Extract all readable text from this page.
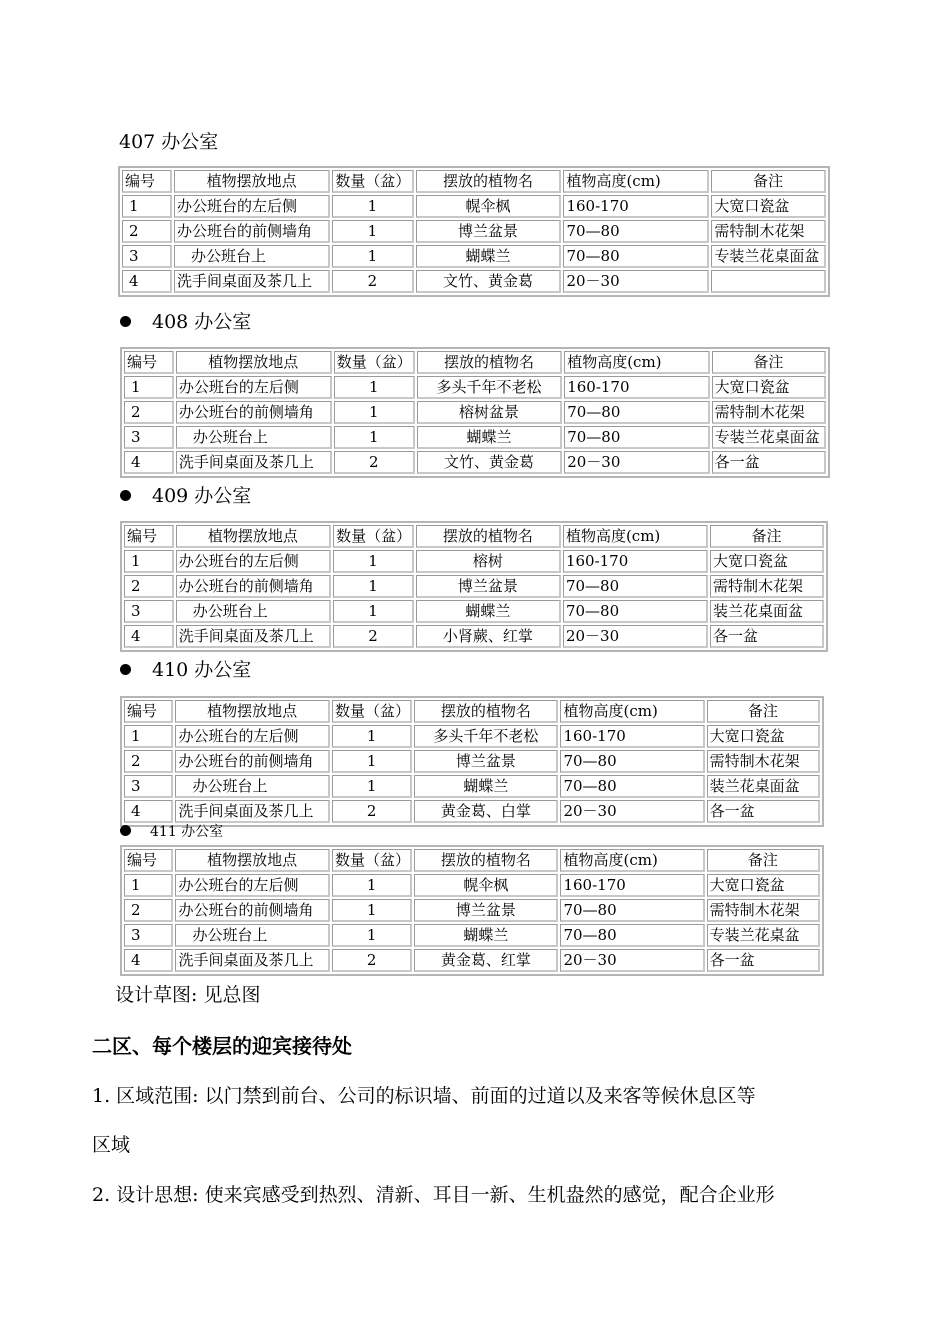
407 办公室
编号	植物摆放地点	数量（盆）	摆放的植物名	植物高度(cm)	备注
1	办公班台的左后侧	1	幌伞枫	160-170	大宽口瓷盆
2	办公班台的前侧墙角	1	博兰盆景	70—80	需特制木花架
3	办公班台上	1	蝴蝶兰	70—80	专装兰花桌面盆
4	洗手间桌面及茶几上	2	文竹、黄金葛	20－30	
408 办公室
编号	植物摆放地点	数量（盆）	摆放的植物名	植物高度(cm)	备注
1	办公班台的左后侧	1	多头千年不老松	160-170	大宽口瓷盆
2	办公班台的前侧墙角	1	榕树盆景	70—80	需特制木花架
3	办公班台上	1	蝴蝶兰	70—80	专装兰花桌面盆
4	洗手间桌面及茶几上	2	文竹、黄金葛	20－30	各一盆
409 办公室
编号	植物摆放地点	数量（盆）	摆放的植物名	植物高度(cm)	备注
1	办公班台的左后侧	1	榕树	160-170	大宽口瓷盆
2	办公班台的前侧墙角	1	博兰盆景	70—80	需特制木花架
3	办公班台上	1	蝴蝶兰	70—80	装兰花桌面盆
4	洗手间桌面及茶几上	2	小肾蕨、红掌	20－30	各一盆
410 办公室
编号	植物摆放地点	数量（盆）	摆放的植物名	植物高度(cm)	备注
1	办公班台的左后侧	1	多头千年不老松	160-170	大宽口瓷盆
2	办公班台的前侧墙角	1	博兰盆景	70—80	需特制木花架
3	办公班台上	1	蝴蝶兰	70—80	装兰花桌面盆
4	洗手间桌面及茶几上	2	黄金葛、白掌	20－30	各一盆
411 办公室
编号	植物摆放地点	数量（盆）	摆放的植物名	植物高度(cm)	备注
1	办公班台的左后侧	1	幌伞枫	160-170	大宽口瓷盆
2	办公班台的前侧墙角	1	博兰盆景	70—80	需特制木花架
3	办公班台上	1	蝴蝶兰	70—80	专装兰花桌盆
4	洗手间桌面及茶几上	2	黄金葛、红掌	20－30	各一盆
设计草图: 见总图
二区、每个楼层的迎宾接待处
1. 区域范围: 以门禁到前台、公司的标识墙、前面的过道以及来客等候休息区等
区域
2. 设计思想: 使来宾感受到热烈、清新、耳目一新、生机盎然的感觉，配合企业形
